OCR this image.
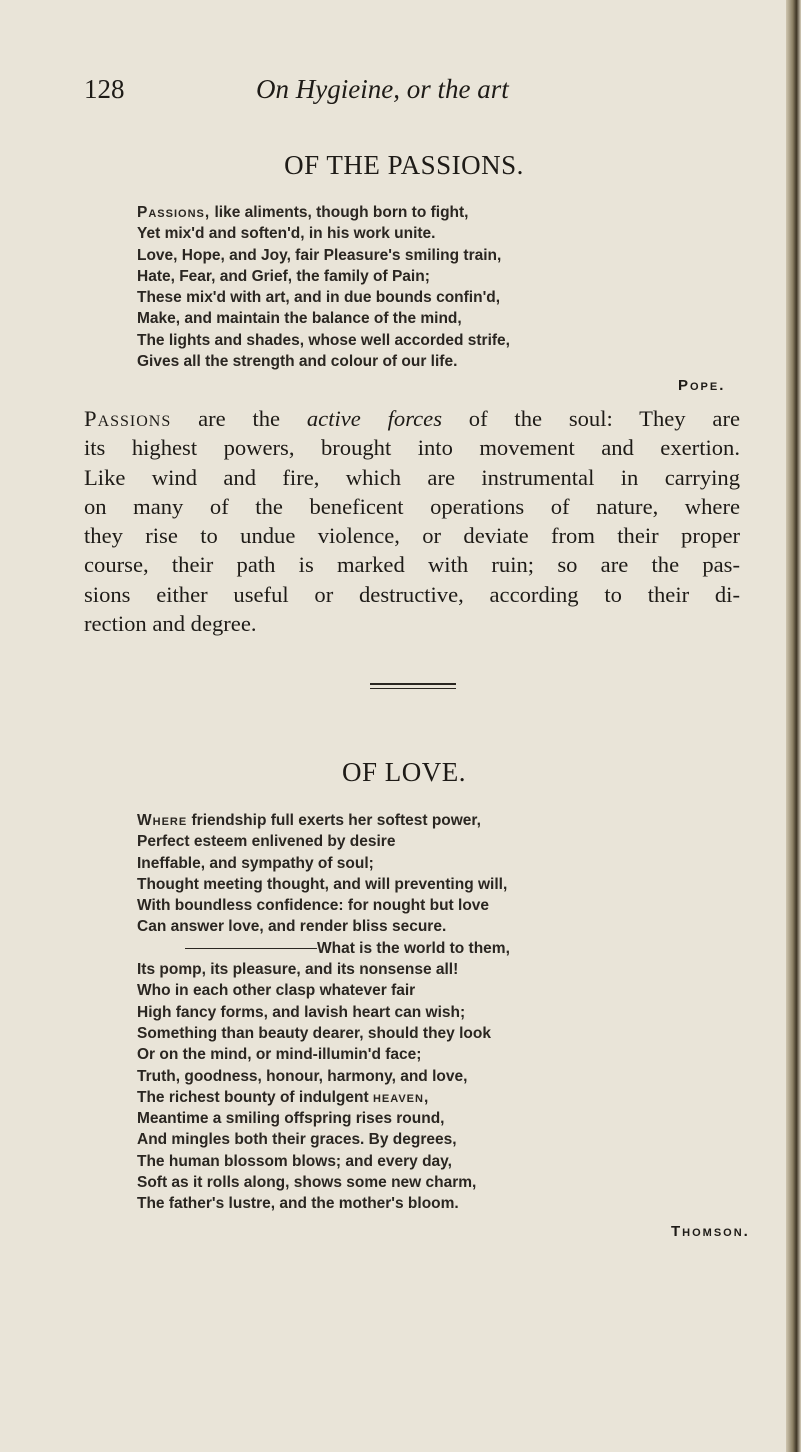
128	On Hygieine, or the art
OF THE PASSIONS.
Passions, like aliments, though born to fight,
Yet mix'd and soften'd, in his work unite.
Love, Hope, and Joy, fair Pleasure's smiling train,
Hate, Fear, and Grief, the family of Pain;
These mix'd with art, and in due bounds confin'd,
Make, and maintain the balance of the mind,
The lights and shades, whose well accorded strife,
Gives all the strength and colour of our life.
Pope.
Passions are the active forces of the soul: They are
its highest powers, brought into movement and exertion.
Like wind and fire, which are instrumental in carrying
on many of the beneficent operations of nature, where
they rise to undue violence, or deviate from their proper
course, their path is marked with ruin; so are the pas-
sions either useful or destructive, according to their di-
rection and degree.
OF LOVE.
Where friendship full exerts her softest power,
Perfect esteem enlivened by desire
Ineffable, and sympathy of soul;
Thought meeting thought, and will preventing will,
With boundless confidence: for nought but love
Can answer love, and render bliss secure.
What is the world to them,
Its pomp, its pleasure, and its nonsense all!
Who in each other clasp whatever fair
High fancy forms, and lavish heart can wish;
Something than beauty dearer, should they look
Or on the mind, or mind-illumin'd face;
Truth, goodness, honour, harmony, and love,
The richest bounty of indulgent heaven,
Meantime a smiling offspring rises round,
And mingles both their graces. By degrees,
The human blossom blows; and every day,
Soft as it rolls along, shows some new charm,
The father's lustre, and the mother's bloom.
Thomson.
